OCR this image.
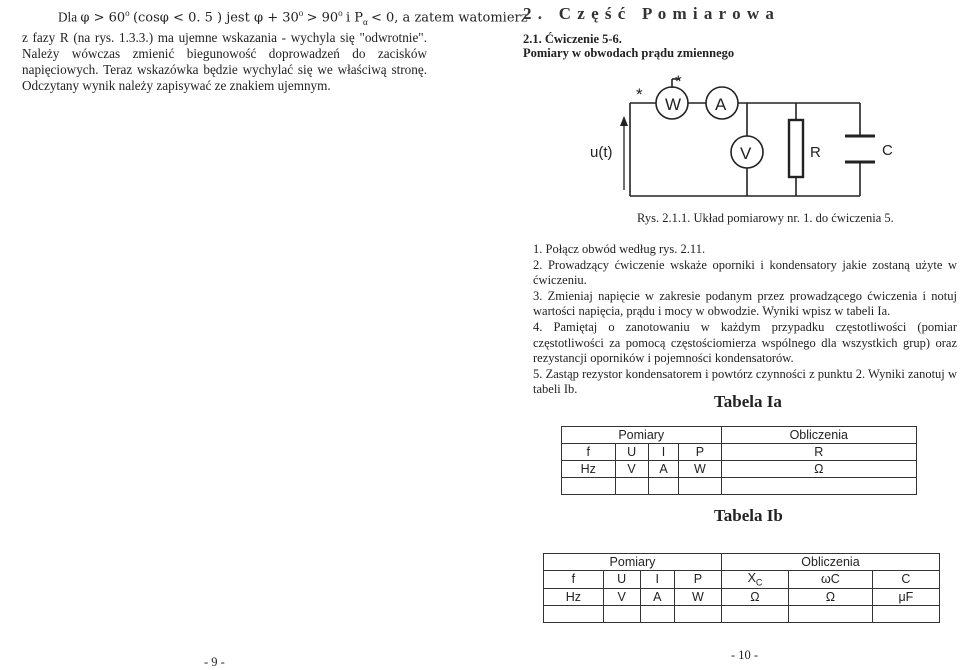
Dla $\varphi > 60^o$ (cosφ < 0. 5 ) jest $\varphi + 30^o > 90^o$ i $P_\alpha < 0$, a zatem watomierz

z fazy R (na rys. 1.3.3.) ma ujemne wskazania - wychyla się "odwrotnie". Należy wówczas zmienić biegunowość doprowadzeń do zacisków napięciowych. Teraz wskazówka będzie wychylać się we właściwą stronę. Odczytany wynik należy zapisywać ze znakiem ujemnym.

2 .   C z ę ś ć   P o m i a r o w a
2.1. Ćwiczenie 5-6.
Pomiary w obwodach prądu zmiennego
*
*
W A
V
u(t)	R	C
Rys. 2.1.1. Układ pomiarowy nr. 1. do ćwiczenia 5.

1. Połącz obwód według rys. 2.11.

2. Prowadzący ćwiczenie wskaże oporniki i kondensatory jakie zostaną użyte w ćwiczeniu.

3. Zmieniaj napięcie w zakresie podanym przez prowadzącego ćwiczenia i notuj wartości napięcia, prądu i mocy w obwodzie. Wyniki wpisz w tabeli Ia.

4. Pamiętaj o zanotowaniu w każdym przypadku częstotliwości (pomiar częstotliwości za pomocą częstościomierza wspólnego dla wszystkich grup) oraz rezystancji oporników i pojemności kondensatorów.

5. Zastąp rezystor kondensatorem i powtórz czynności z punktu 2. Wyniki zanotuj w tabeli Ib.

Tabela Ia
Pomiary				Obliczenia
f	U	I	P	R
Hz	V	A	W	Ω

Tabela Ib
Pomiary				Obliczenia		
f	U	I	P	$X_C$	ωC	C
Hz	V	A	W	Ω	Ω	μF

- 9 -	- 10 -
